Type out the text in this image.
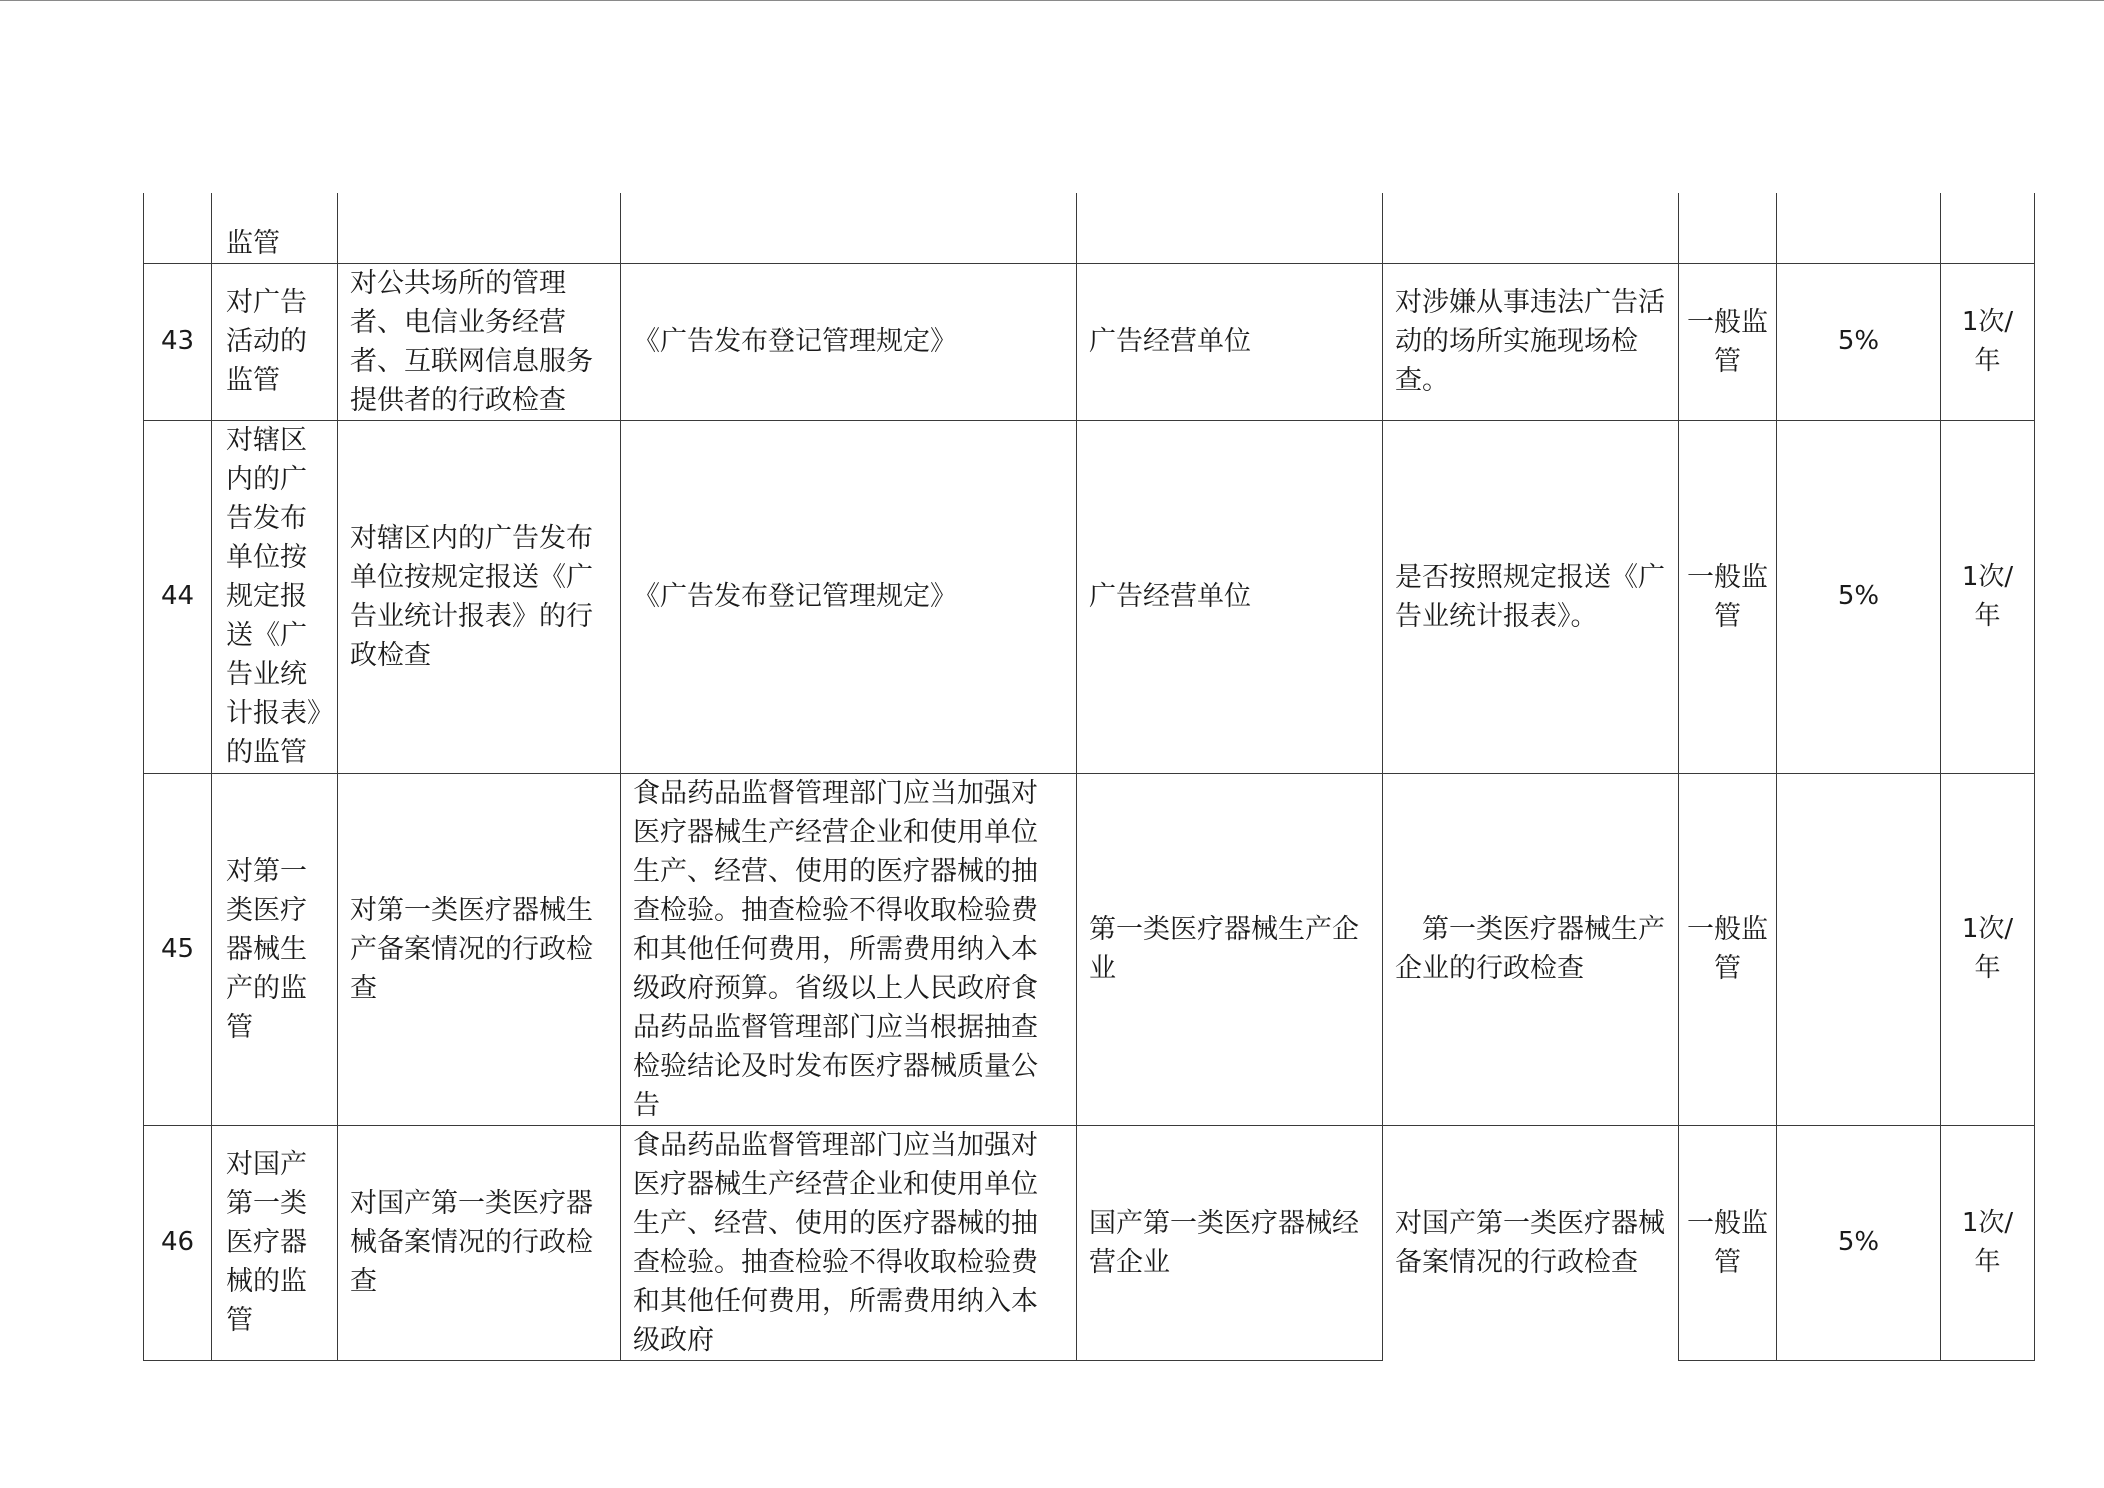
	监管							
43	对广告活动的监管	对公共场所的管理者、电信业务经营者、互联网信息服务提供者的行政检查	《广告发布登记管理规定》	广告经营单位	对涉嫌从事违法广告活动的场所实施现场检查。	一般监管	5%	1次/年
44	对辖区内的广告发布单位按规定报送《广告业统计报表》的监管	对辖区内的广告发布单位按规定报送《广告业统计报表》的行政检查	《广告发布登记管理规定》	广告经营单位	是否按照规定报送《广告业统计报表》。	一般监管	5%	1次/年
45	对第一类医疗器械生产的监管	对第一类医疗器械生产备案情况的行政检查	食品药品监督管理部门应当加强对医疗器械生产经营企业和使用单位生产、经营、使用的医疗器械的抽查检验。抽查检验不得收取检验费和其他任何费用，所需费用纳入本级政府预算。省级以上人民政府食品药品监督管理部门应当根据抽查检验结论及时发布医疗器械质量公告	第一类医疗器械生产企业	　第一类医疗器械生产企业的行政检查	一般监管		1次/年
46	对国产第一类医疗器械的监管	对国产第一类医疗器械备案情况的行政检查	食品药品监督管理部门应当加强对医疗器械生产经营企业和使用单位生产、经营、使用的医疗器械的抽查检验。抽查检验不得收取检验费和其他任何费用，所需费用纳入本级政府	国产第一类医疗器械经营企业	对国产第一类医疗器械备案情况的行政检查	一般监管	5%	1次/年
